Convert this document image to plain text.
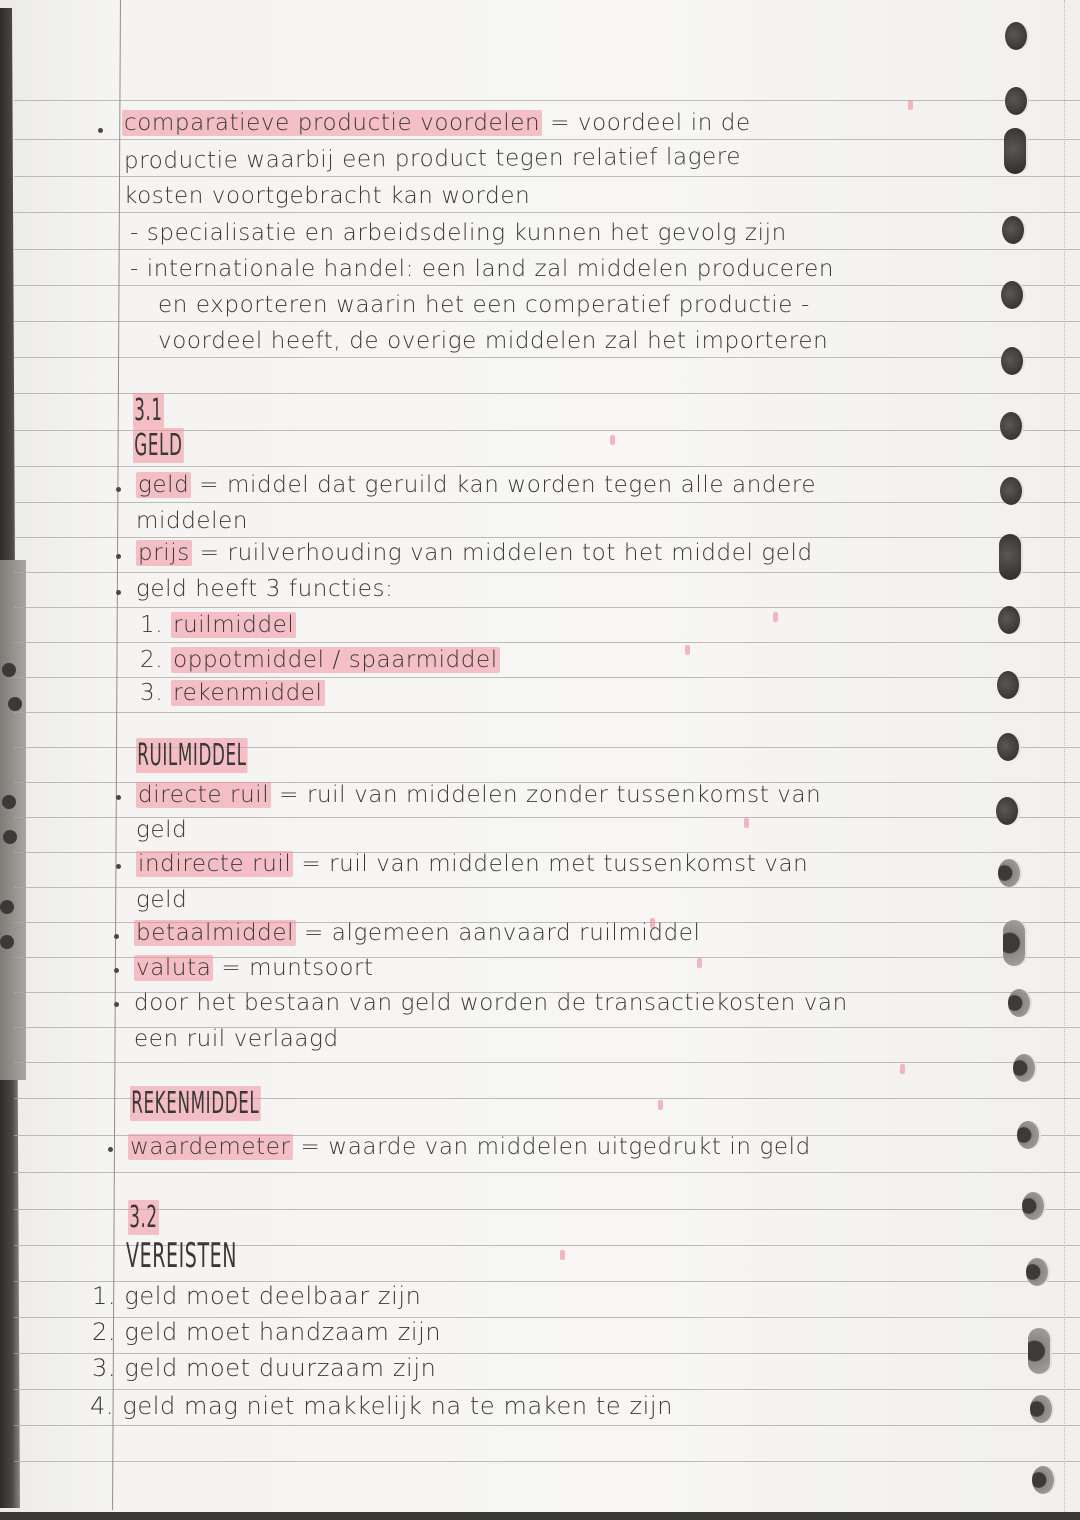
comparatieve productie voordelen = voordeel in de
productie waarbij een product tegen relatief lagere
kosten voortgebracht kan worden
- specialisatie en arbeidsdeling kunnen het gevolg zijn
- internationale handel: een land zal middelen produceren
en exporteren waarin het een comperatief productie -
voordeel heeft, de overige middelen zal het importeren
3.1
GELD
geld = middel dat geruild kan worden tegen alle andere
middelen
prijs = ruilverhouding van middelen tot het middel geld
geld heeft 3 functies:
1. ruilmiddel
2. oppotmiddel / spaarmiddel
3. rekenmiddel
RUILMIDDEL
directe ruil = ruil van middelen zonder tussenkomst van
geld
indirecte ruil = ruil van middelen met tussenkomst van
geld
betaalmiddel = algemeen aanvaard ruilmiddel
valuta = muntsoort
door het bestaan van geld worden de transactiekosten van
een ruil verlaagd
REKENMIDDEL
waardemeter = waarde van middelen uitgedrukt in geld
3.2
VEREISTEN
1. geld moet deelbaar zijn
2. geld moet handzaam zijn
3. geld moet duurzaam zijn
4. geld mag niet makkelijk na te maken te zijn
